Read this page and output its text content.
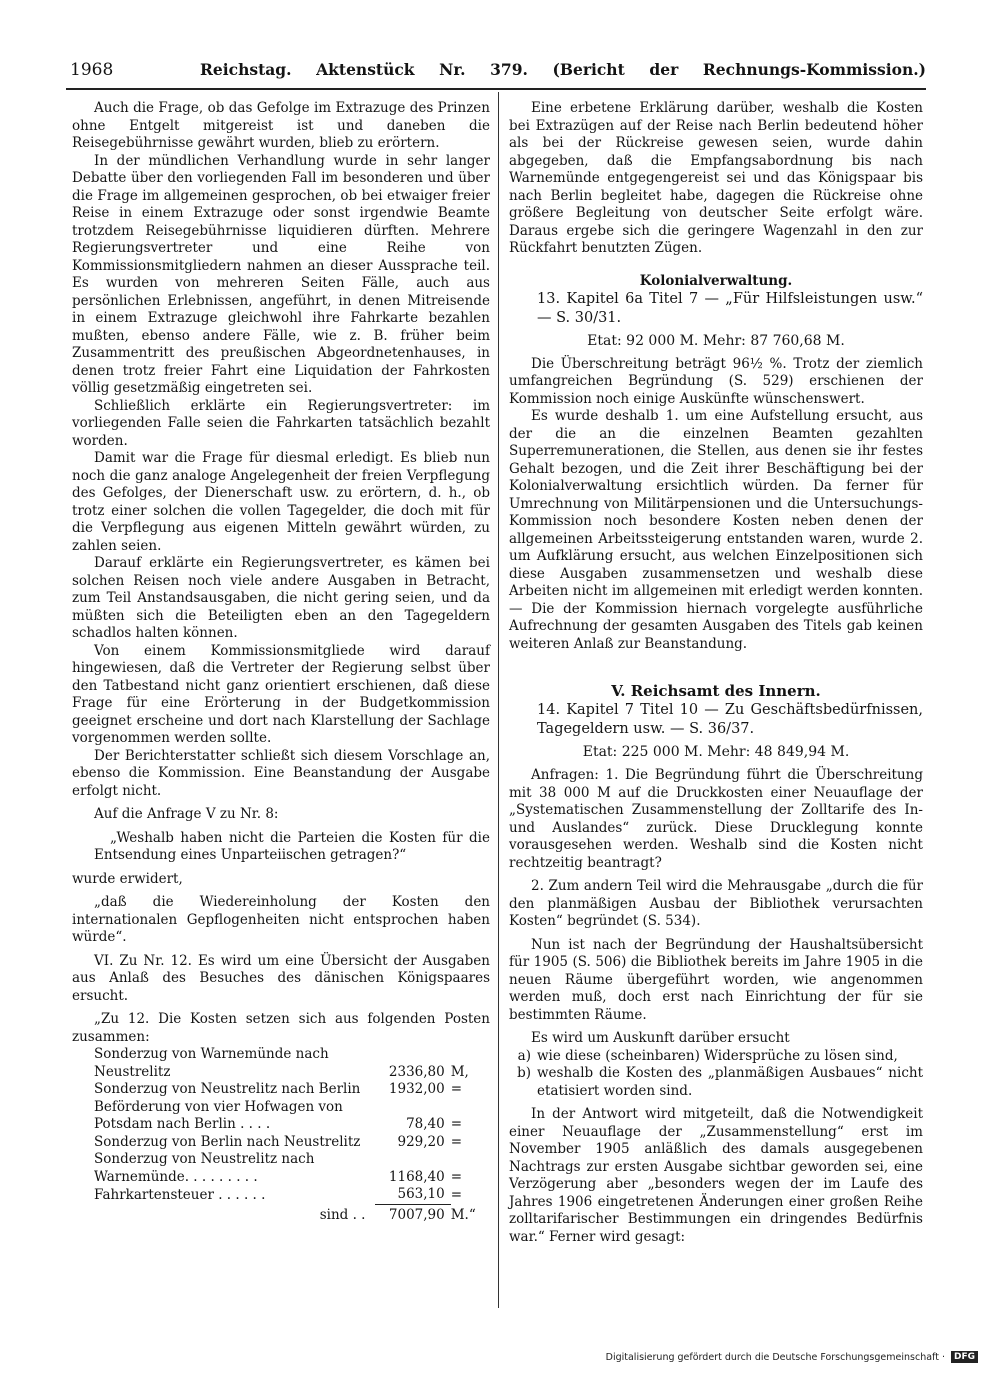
1968	Reichstag. Aktenstück Nr. 379. (Bericht der Rechnungs-Kommission.)

Auch die Frage, ob das Gefolge im Extrazuge des Prinzen ohne Entgelt mitgereist ist und daneben die Reisegebührnisse gewährt wurden, blieb zu erörtern.

In der mündlichen Verhandlung wurde in sehr langer Debatte über den vorliegenden Fall im besonderen und über die Frage im allgemeinen gesprochen, ob bei etwaiger freier Reise in einem Extrazuge oder sonst irgendwie Beamte trotzdem Reisegebührnisse liquidieren dürften. Mehrere Regierungsvertreter und eine Reihe von Kommissionsmitgliedern nahmen an dieser Aussprache teil. Es wurden von mehreren Seiten Fälle, auch aus persönlichen Erlebnissen, angeführt, in denen Mitreisende in einem Extrazuge gleichwohl ihre Fahrkarte bezahlen mußten, ebenso andere Fälle, wie z. B. früher beim Zusammentritt des preußischen Abgeordnetenhauses, in denen trotz freier Fahrt eine Liquidation der Fahrkosten völlig gesetzmäßig eingetreten sei.

Schließlich erklärte ein Regierungsvertreter: im vorliegenden Falle seien die Fahrkarten tatsächlich bezahlt worden.

Damit war die Frage für diesmal erledigt. Es blieb nun noch die ganz analoge Angelegenheit der freien Verpflegung des Gefolges, der Dienerschaft usw. zu erörtern, d. h., ob trotz einer solchen die vollen Tagegelder, die doch mit für die Verpflegung aus eigenen Mitteln gewährt würden, zu zahlen seien.

Darauf erklärte ein Regierungsvertreter, es kämen bei solchen Reisen noch viele andere Ausgaben in Betracht, zum Teil Anstandsausgaben, die nicht gering seien, und da müßten sich die Beteiligten eben an den Tagegeldern schadlos halten können.

Von einem Kommissionsmitgliede wird darauf hingewiesen, daß die Vertreter der Regierung selbst über den Tatbestand nicht ganz orientiert erschienen, daß diese Frage für eine Erörterung in der Budgetkommission geeignet erscheine und dort nach Klarstellung der Sachlage vorgenommen werden sollte.

Der Berichterstatter schließt sich diesem Vorschlage an, ebenso die Kommission. Eine Beanstandung der Ausgabe erfolgt nicht.

Auf die Anfrage V zu Nr. 8:

„Weshalb haben nicht die Parteien die Kosten für die Entsendung eines Unparteiischen getragen?“

wurde erwidert,

„daß die Wiedereinholung der Kosten den internationalen Gepflogenheiten nicht entsprochen haben würde“.

VI. Zu Nr. 12. Es wird um eine Übersicht der Ausgaben aus Anlaß des Besuches des dänischen Königspaares ersucht.

„Zu 12. Die Kosten setzen sich aus folgenden Posten zusammen:

Sonderzug von Warnemünde nach Neustrelitz	2336,80	M,
Sonderzug von Neustrelitz nach Berlin	1932,00	=
Beförderung von vier Hofwagen von Potsdam nach Berlin . . . .	78,40	=
Sonderzug von Berlin nach Neustrelitz	929,20	=
Sonderzug von Neustrelitz nach Warnemünde. . . . . . . . .	1168,40	=
Fahrkartensteuer . . . . . .	563,10	=
sind . .	7007,90	M.“

Eine erbetene Erklärung darüber, weshalb die Kosten bei Extrazügen auf der Reise nach Berlin bedeutend höher als bei der Rückreise gewesen seien, wurde dahin abgegeben, daß die Empfangsabordnung bis nach Warnemünde entgegengereist sei und das Königspaar bis nach Berlin begleitet habe, dagegen die Rückreise ohne größere Begleitung von deutscher Seite erfolgt wäre. Daraus ergebe sich die geringere Wagenzahl in den zur Rückfahrt benutzten Zügen.

Kolonialverwaltung.
13. Kapitel 6a Titel 7 — „Für Hilfsleistungen usw.“ — S. 30/31.
Etat: 92 000 M. Mehr: 87 760,68 M.

Die Überschreitung beträgt 96½ %. Trotz der ziemlich umfangreichen Begründung (S. 529) erschienen der Kommission noch einige Auskünfte wünschenswert.

Es wurde deshalb 1. um eine Aufstellung ersucht, aus der die an die einzelnen Beamten gezahlten Superremunerationen, die Stellen, aus denen sie ihr festes Gehalt bezogen, und die Zeit ihrer Beschäftigung bei der Kolonialverwaltung ersichtlich würden. Da ferner für Umrechnung von Militärpensionen und die Untersuchungs-Kommission noch besondere Kosten neben denen der allgemeinen Arbeitssteigerung entstanden waren, wurde 2. um Aufklärung ersucht, aus welchen Einzelpositionen sich diese Ausgaben zusammensetzen und weshalb diese Arbeiten nicht im allgemeinen mit erledigt werden konnten. — Die der Kommission hiernach vorgelegte ausführliche Aufrechnung der gesamten Ausgaben des Titels gab keinen weiteren Anlaß zur Beanstandung.

V. Reichsamt des Innern.
14. Kapitel 7 Titel 10 — Zu Geschäftsbedürfnissen, Tagegeldern usw. — S. 36/37.
Etat: 225 000 M. Mehr: 48 849,94 M.

Anfragen: 1. Die Begründung führt die Überschreitung mit 38 000 M auf die Druckkosten einer Neuauflage der „Systematischen Zusammenstellung der Zolltarife des In- und Auslandes“ zurück. Diese Drucklegung konnte vorausgesehen werden. Weshalb sind die Kosten nicht rechtzeitig beantragt?

2. Zum andern Teil wird die Mehrausgabe „durch die für den planmäßigen Ausbau der Bibliothek verursachten Kosten“ begründet (S. 534).

Nun ist nach der Begründung der Haushaltsübersicht für 1905 (S. 506) die Bibliothek bereits im Jahre 1905 in die neuen Räume übergeführt worden, wie angenommen werden muß, doch erst nach Einrichtung der für sie bestimmten Räume.

Es wird um Auskunft darüber ersucht

a) wie diese (scheinbaren) Widersprüche zu lösen sind,
b) weshalb die Kosten des „planmäßigen Ausbaues“ nicht etatisiert worden sind.

In der Antwort wird mitgeteilt, daß die Notwendigkeit einer Neuauflage der „Zusammenstellung“ erst im November 1905 anläßlich des damals ausgegebenen Nachtrags zur ersten Ausgabe sichtbar geworden sei, eine Verzögerung aber „besonders wegen der im Laufe des Jahres 1906 eingetretenen Änderungen einer großen Reihe zolltarifarischer Bestimmungen ein dringendes Bedürfnis war.“ Ferner wird gesagt:

Digitalisierung gefördert durch die Deutsche Forschungsgemeinschaft ·	DFG
